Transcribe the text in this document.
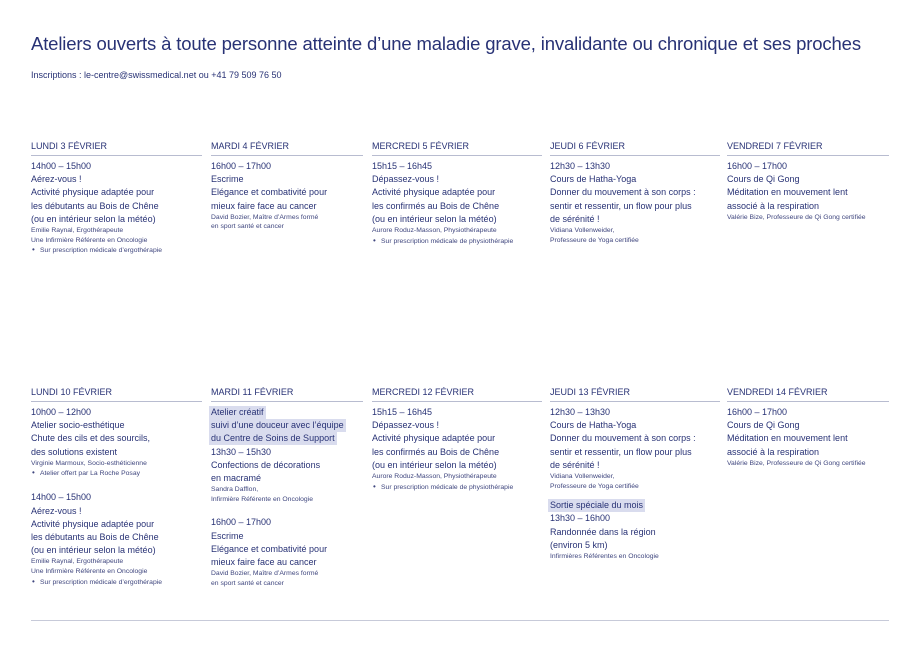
Ateliers ouverts à toute personne atteinte d’une maladie grave, invalidante ou chronique et ses proches
Inscriptions : le-centre@swissmedical.net ou +41 79 509 76 50
LUNDI 3 FÉVRIER
14h00 – 15h00
Aérez-vous !
Activité physique adaptée pour
les débutants au Bois de Chêne
(ou en intérieur selon la météo)
Emilie Raynal, Ergothérapeute
Une Infirmière Référente en Oncologie
• Sur prescription médicale d’ergothérapie
MARDI 4 FÉVRIER
16h00 – 17h00
Escrime
Elégance et combativité pour
mieux faire face au cancer
David Bozier, Maître d’Armes formé
en sport santé et cancer
MERCREDI 5 FÉVRIER
15h15 – 16h45
Dépassez-vous !
Activité physique adaptée pour
les confirmés au Bois de Chêne
(ou en intérieur selon la météo)
Aurore Roduz-Masson, Physiothérapeute
• Sur prescription médicale de physiothérapie
JEUDI 6 FÉVRIER
12h30 – 13h30
Cours de Hatha-Yoga
Donner du mouvement à son corps :
sentir et ressentir, un flow pour plus
de sérénité !
Vidiana Vollenweider,
Professeure de Yoga certifiée
VENDREDI 7 FÉVRIER
16h00 – 17h00
Cours de Qi Gong
Méditation en mouvement lent
associé à la respiration
Valérie Bize, Professeure de Qi Gong certifiée
LUNDI 10 FÉVRIER
10h00 – 12h00
Atelier socio-esthétique
Chute des cils et des sourcils,
des solutions existent
Virginie Marmoux, Socio-esthéticienne
• Atelier offert par La Roche Posay
14h00 – 15h00
Aérez-vous !
Activité physique adaptée pour
les débutants au Bois de Chêne
(ou en intérieur selon la météo)
Emilie Raynal, Ergothérapeute
Une Infirmière Référente en Oncologie
• Sur prescription médicale d’ergothérapie
MARDI 11 FÉVRIER
Atelier créatif
suivi d’une douceur avec l’équipe
du Centre de Soins de Support
13h30 – 15h30
Confections de décorations
en macramé
Sandra Dafflon,
Infirmière Référente en Oncologie
16h00 – 17h00
Escrime
Elégance et combativité pour
mieux faire face au cancer
David Bozier, Maître d’Armes formé
en sport santé et cancer
MERCREDI 12 FÉVRIER
15h15 – 16h45
Dépassez-vous !
Activité physique adaptée pour
les confirmés au Bois de Chêne
(ou en intérieur selon la météo)
Aurore Roduz-Masson, Physiothérapeute
• Sur prescription médicale de physiothérapie
JEUDI 13 FÉVRIER
12h30 – 13h30
Cours de Hatha-Yoga
Donner du mouvement à son corps :
sentir et ressentir, un flow pour plus
de sérénité !
Vidiana Vollenweider,
Professeure de Yoga certifiée
Sortie spéciale du mois
13h30 – 16h00
Randonnée dans la région
(environ 5 km)
Infirmières Référentes en Oncologie
VENDREDI 14 FÉVRIER
16h00 – 17h00
Cours de Qi Gong
Méditation en mouvement lent
associé à la respiration
Valérie Bize, Professeure de Qi Gong certifiée
